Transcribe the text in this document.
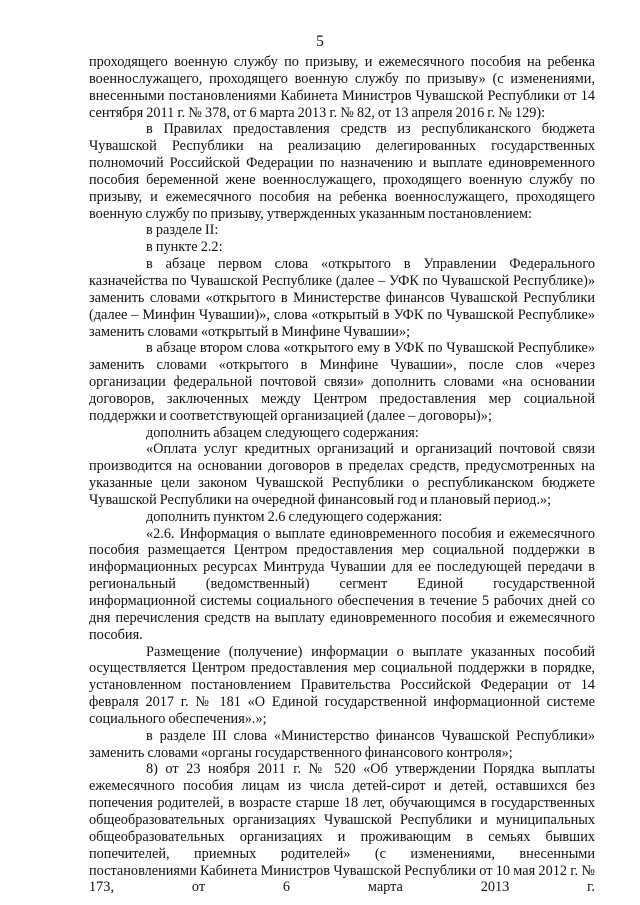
5

проходящего военную службу по призыву, и ежемесячного пособия на ребенка военнослужащего, проходящего военную службу по призыву» (с изменениями, внесенными постановлениями Кабинета Министров Чувашской Республики от 14 сентября 2011 г. № 378, от 6 марта 2013 г. № 82, от 13 апреля 2016 г. № 129):

в Правилах предоставления средств из республиканского бюджета Чувашской Республики на реализацию делегированных государственных полномочий Российской Федерации по назначению и выплате единовременного пособия беременной жене военнослужащего, проходящего военную службу по призыву, и ежемесячного пособия на ребенка военнослужащего, проходящего военную службу по призыву, утвержденных указанным постановлением:

в разделе II:

в пункте 2.2:

в абзаце первом слова «открытого в Управлении Федерального казначейства по Чувашской Республике (далее – УФК по Чувашской Республике)» заменить словами «открытого в Министерстве финансов Чувашской Республики (далее – Минфин Чувашии)», слова «открытый в УФК по Чувашской Республике» заменить словами «открытый в Минфине Чувашии»;

в абзаце втором слова «открытого ему в УФК по Чувашской Республике» заменить словами «открытого в Минфине Чувашии», после слов «через организации федеральной почтовой связи» дополнить словами «на основании договоров, заключенных между Центром предоставления мер социальной поддержки и соответствующей организацией (далее – договоры)»;

дополнить абзацем следующего содержания:

«Оплата услуг кредитных организаций и организаций почтовой связи производится на основании договоров в пределах средств, предусмотренных на указанные цели законом Чувашской Республики о республиканском бюджете Чувашской Республики на очередной финансовый год и плановый период.»;

дополнить пунктом 2.6 следующего содержания:

«2.6. Информация о выплате единовременного пособия и ежемесячного пособия размещается Центром предоставления мер социальной поддержки в информационных ресурсах Минтруда Чувашии для ее последующей передачи в региональный (ведомственный) сегмент Единой государственной информационной системы социального обеспечения в течение 5 рабочих дней со дня перечисления средств на выплату единовременного пособия и ежемесячного пособия.

Размещение (получение) информации о выплате указанных пособий осуществляется Центром предоставления мер социальной поддержки в порядке, установленном постановлением Правительства Российской Федерации от 14 февраля 2017 г. № 181 «О Единой государственной информационной системе социального обеспечения».»;

в разделе III слова «Министерство финансов Чувашской Республики» заменить словами «органы государственного финансового контроля»;

8) от 23 ноября 2011 г. № 520 «Об утверждении Порядка выплаты ежемесячного пособия лицам из числа детей-сирот и детей, оставшихся без попечения родителей, в возрасте старше 18 лет, обучающимся в государственных общеобразовательных организациях Чувашской Республики и муниципальных общеобразовательных организациях и проживающим в семьях бывших попечителей, приемных родителей» (с изменениями, внесенными постановлениями Кабинета Министров Чувашской Республики от 10 мая 2012 г. № 173, от 6 марта 2013 г.
